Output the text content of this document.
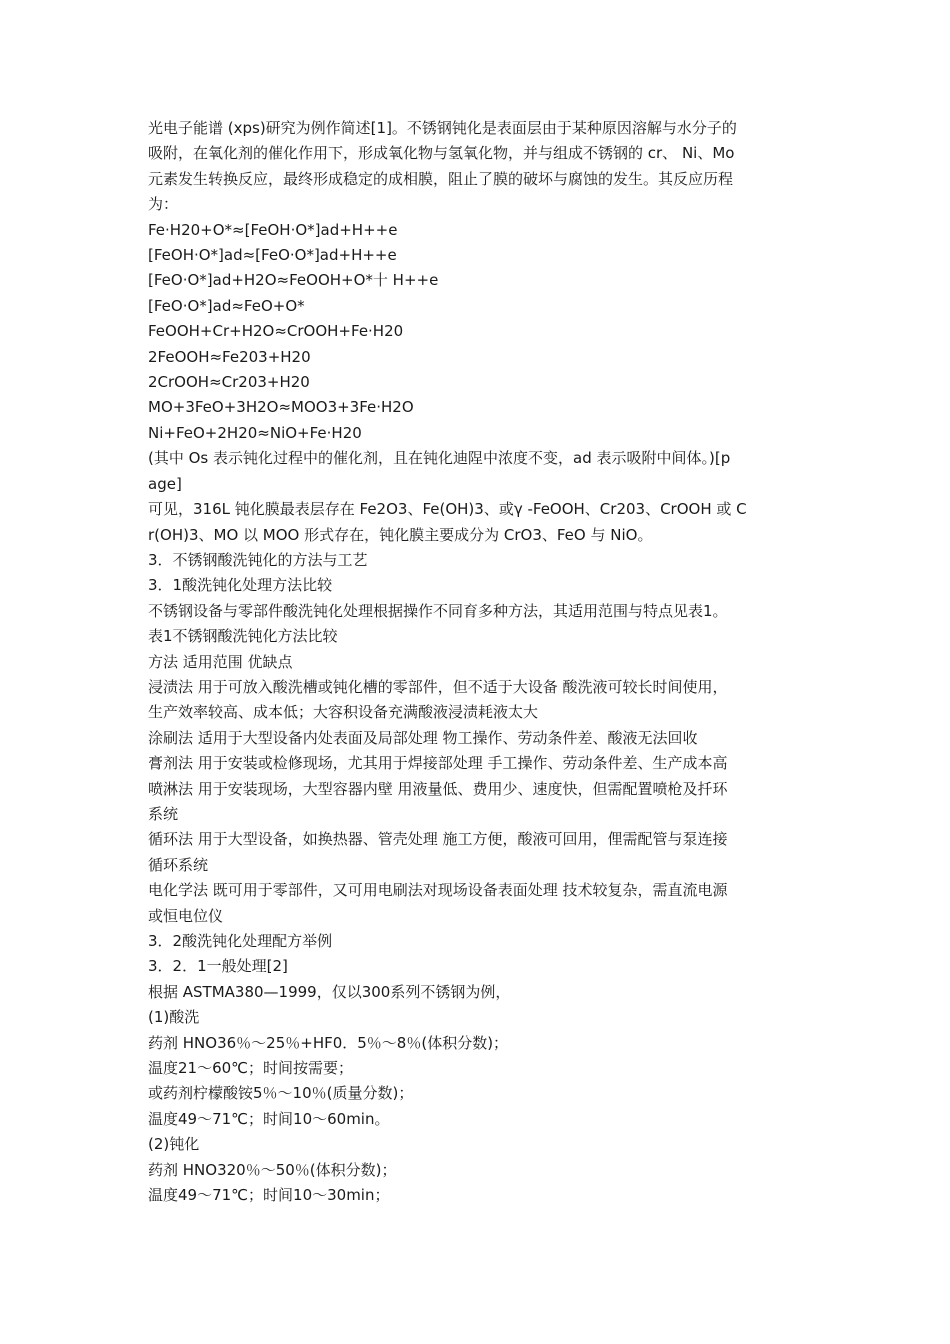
光电子能谱 (xps)研究为例作简述[1]。不锈钢钝化是表面层由于某种原因溶解与水分子的
吸附，在氧化剂的催化作用下，形成氧化物与氢氧化物，并与组成不锈钢的 cr、 Ni、Mo
元素发生转换反应，最终形成稳定的成相膜，阻止了膜的破坏与腐蚀的发生。其反应历程
为：
Fe·H20+O*≈[FeOH·O*]ad+H++e
[FeOH·O*]ad≈[FeO·O*]ad+H++e
[FeO·O*]ad+H2O≈FeOOH+O*十 H++e
[FeO·O*]ad≈FeO+O*
FeOOH+Cr+H2O≈CrOOH+Fe·H20
2FeOOH≈Fe203+H20
2CrOOH≈Cr203+H20
MO+3FeO+3H2O≈MOO3+3Fe·H2O
Ni+FeO+2H20≈NiO+Fe·H20
(其中 Os 表示钝化过程中的催化剂，且在钝化迪陧中浓度不变，ad 表示吸附中间体。)[p
age]
可见，316L 钝化膜最表层存在 Fe2O3、Fe(OH)3、或γ -FeOOH、Cr203、CrOOH 或 C
r(OH)3、MO 以 MOO 形式存在，钝化膜主要成分为 CrO3、FeO 与 NiO。
3．不锈钢酸洗钝化的方法与工艺
3．1酸洗钝化处理方法比较
不锈钢设备与零部件酸洗钝化处理根据操作不同育多种方法，其适用范围与特点见表1。
表1不锈钢酸洗钝化方法比较
方法 适用范围 优缺点
浸渍法 用于可放入酸洗槽或钝化槽的零部件，但不适于大设备 酸洗液可较长时间使用，
生产效率较高、成本低；大容积设备充满酸液浸渍耗液太大
涂刷法 适用于大型设备内处表面及局部处理 物工操作、劳动条件差、酸液无法回收
膏剂法 用于安装或检修现场，尤其用于焊接部处理 手工操作、劳动条件差、生产成本高
喷淋法 用于安装现场，大型容器内壁 用液量低、费用少、速度快，但需配置喷枪及扦环
系统
循环法 用于大型设备，如换热器、管壳处理 施工方便，酸液可回用，俚需配管与泵连接
循环系统
电化学法 既可用于零部件，又可用电刷法对现场设备表面处理 技术较复杂，需直流电源
或恒电位仪
3．2酸洗钝化处理配方举例
3．2．1一般处理[2]
根据 ASTMA380—1999，仅以300系列不锈钢为例，
(1)酸洗
药剂 HNO36％～25％+HF0．5％～8％(体积分数)；
温度21～60℃；时间按需要；
或药剂柠檬酸铵5％～10％(质量分数)；
温度49～71℃；时间10～60min。
(2)钝化
药剂 HNO320％～50％(体积分数)；
温度49～71℃；时间10～30min；
